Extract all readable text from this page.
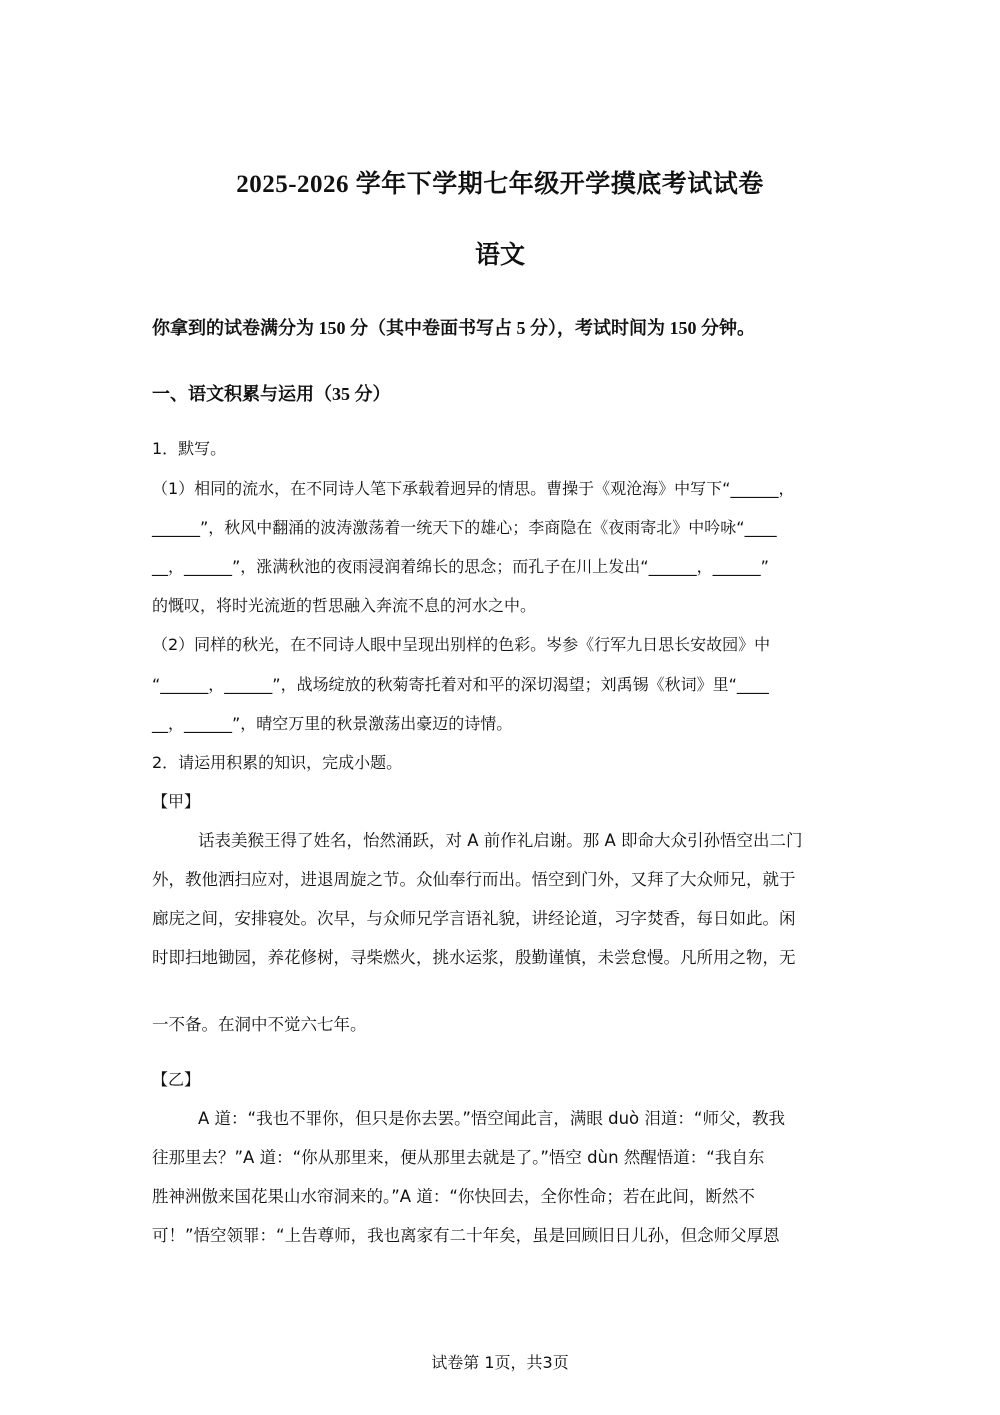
2025-2026 学年下学期七年级开学摸底考试试卷
语文
你拿到的试卷满分为 150 分（其中卷面书写占 5 分），考试时间为 150 分钟。
一、语文积累与运用（35 分）
1．默写。
（1）相同的流水，在不同诗人笔下承载着迥异的情思。曹操于《观沧海》中写下“______，
______”，秋风中翻涌的波涛激荡着一统天下的雄心；李商隐在《夜雨寄北》中吟咏“____
__，______”，涨满秋池的夜雨浸润着绵长的思念；而孔子在川上发出“______，______”
的慨叹，将时光流逝的哲思融入奔流不息的河水之中。
（2）同样的秋光，在不同诗人眼中呈现出别样的色彩。岑参《行军九日思长安故园》中
“______，______”，战场绽放的秋菊寄托着对和平的深切渴望；刘禹锡《秋词》里“____
__，______”，晴空万里的秋景激荡出豪迈的诗情。
2．请运用积累的知识，完成小题。
【甲】
话表美猴王得了姓名，怡然涌跃，对 A 前作礼启谢。那 A 即命大众引孙悟空出二门
外，教他洒扫应对，进退周旋之节。众仙奉行而出。悟空到门外，又拜了大众师兄，就于
廊庑之间，安排寝处。次早，与众师兄学言语礼貌，讲经论道，习字焚香，每日如此。闲
时即扫地锄园，养花修树，寻柴燃火，挑水运浆，殷勤谨慎，未尝怠慢。凡所用之物，无
一不备。在洞中不觉六七年。
【乙】
A 道：“我也不罪你，但只是你去罢。”悟空闻此言，满眼 duò 泪道：“师父，教我
往那里去？”A 道：“你从那里来，便从那里去就是了。”悟空 dùn 然醒悟道：“我自东
胜神洲傲来国花果山水帘洞来的。”A 道：“你快回去，全你性命；若在此间，断然不
可！”悟空领罪：“上告尊师，我也离家有二十年矣，虽是回顾旧日儿孙，但念师父厚恩
试卷第 1页，共3页
